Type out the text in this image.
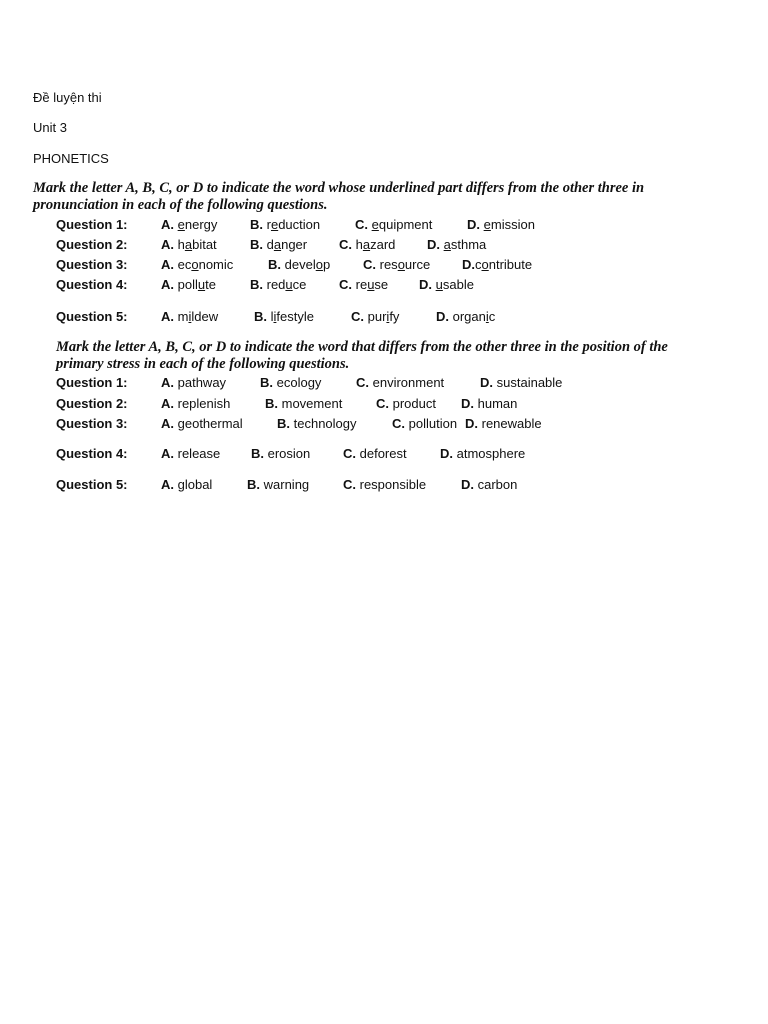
Đề luyện thi
Unit 3
PHONETICS
Mark the letter A, B, C, or D to indicate the word whose underlined part differs from the other three in pronunciation in each of the following questions.
Question 1:	A. energy	B. reduction	C. equipment	D. emission
Question 2:	A. habitat	B. danger C. hazard D. asthma
Question 3:	A. economic	B. develop	C. resource D.contribute
Question 4:	A. pollute	B. reduce	C. reuse D. usable
Question 5:	A. mildew	B. lifestyle	C. purify	D. organic
Mark the letter A, B, C, or D to indicate the word that differs from the other three in the position of the primary stress in each of the following questions.
Question 1:	A. pathway	B. ecology	C. environment	D. sustainable
Question 2:	A. replenish	B. movement	C. product D. human
Question 3:	A. geothermal	B. technology	C. pollution D. renewable
Question 4:	A. release B. erosion	C. deforest	D. atmosphere
Question 5:	A. global	B. warning	C. responsible	D. carbon
